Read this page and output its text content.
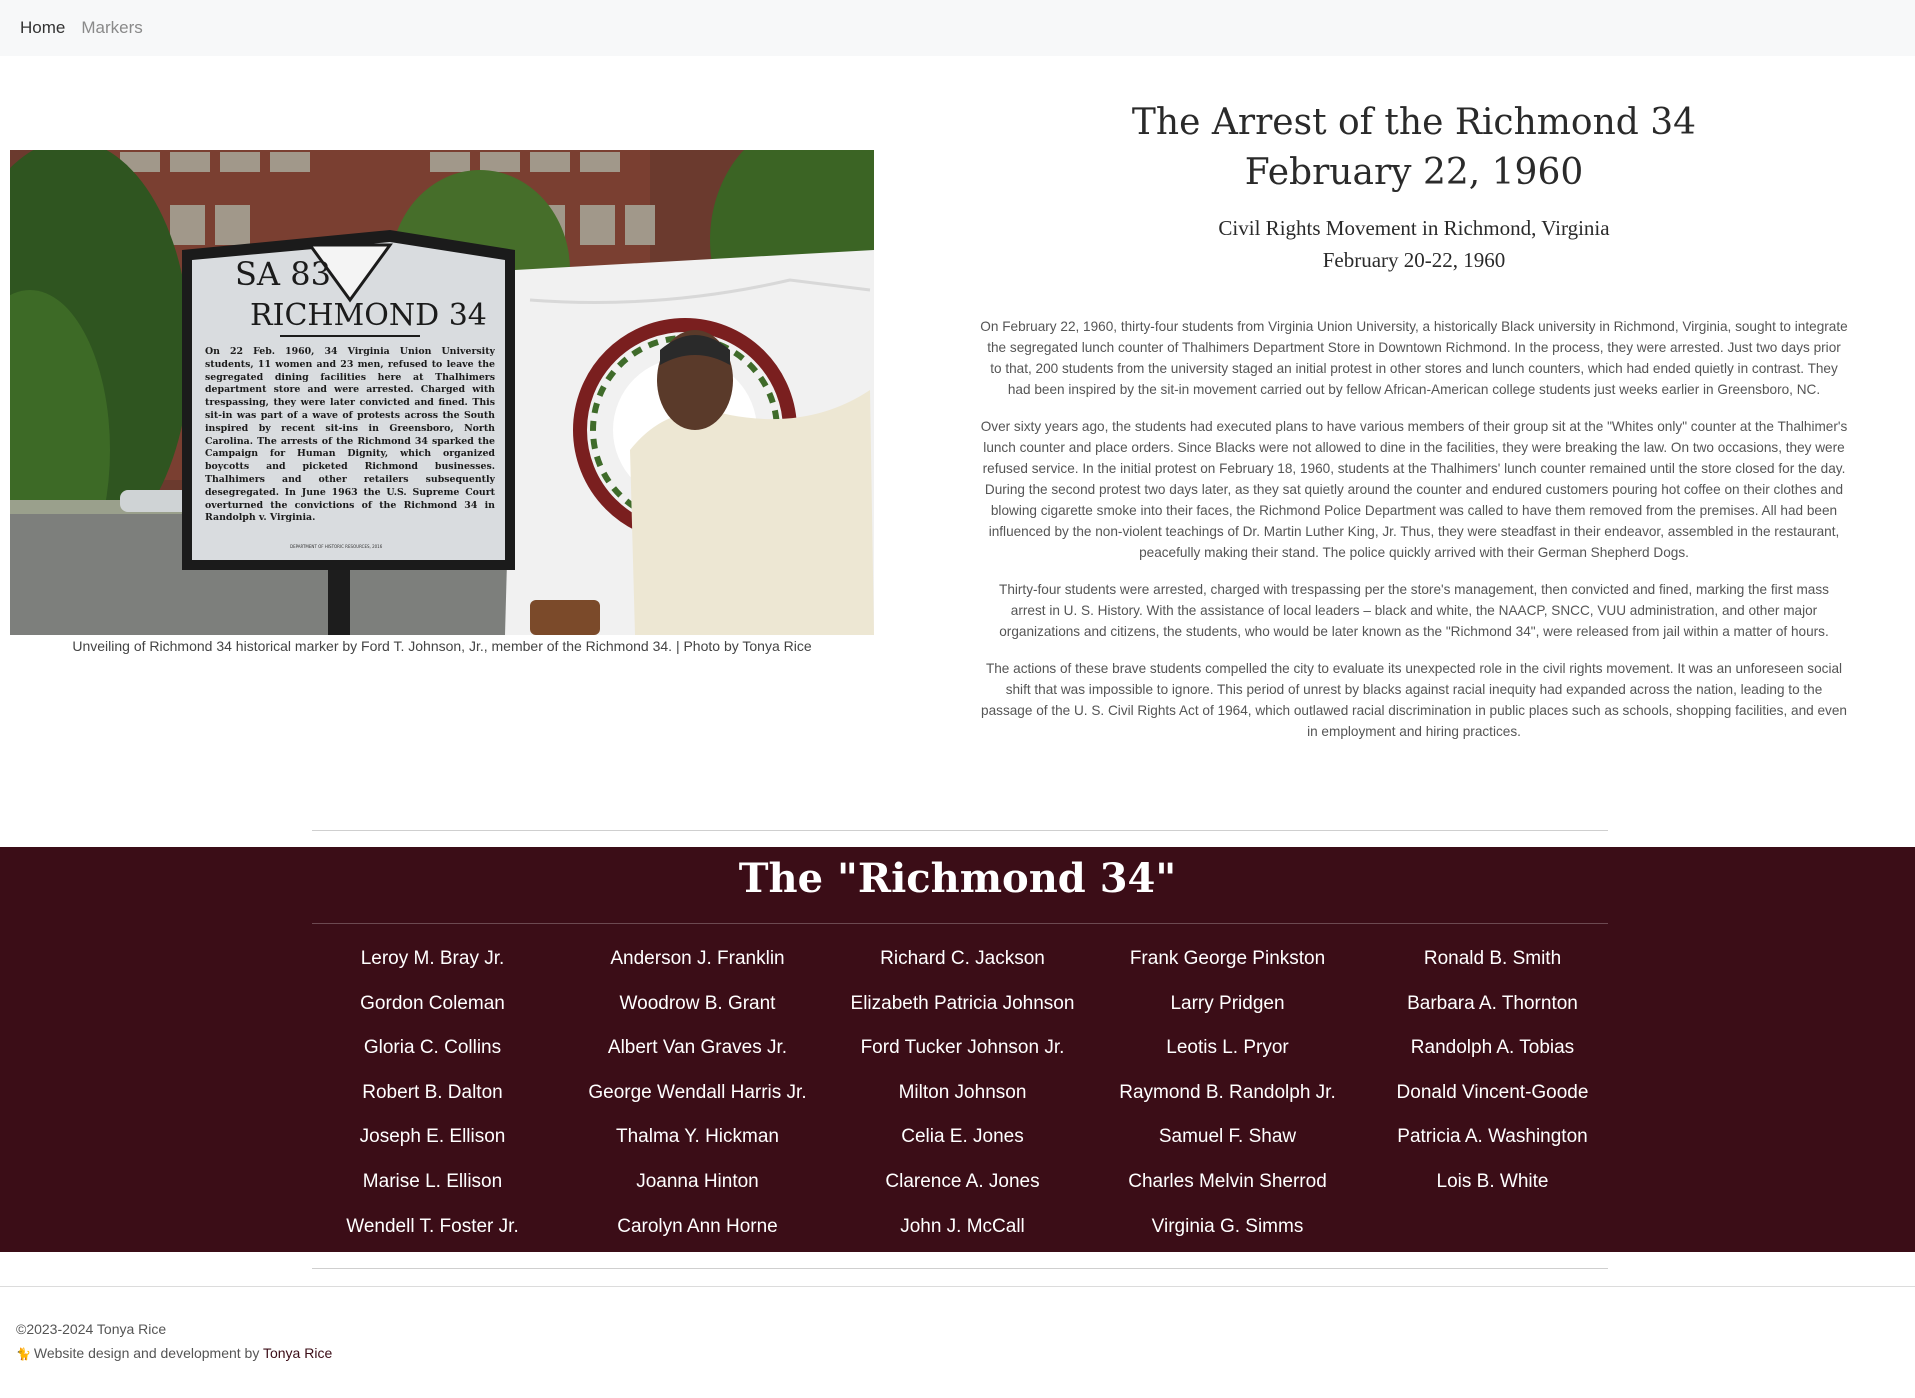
Home Markers
SA 83
RICHMOND 34
On 22 Feb. 1960, 34 Virginia Union University students, 11 women and 23 men, refused to leave the segregated dining facilities here at Thalhimers department store and were arrested. Charged with trespassing, they were later convicted and fined. This sit-in was part of a wave of protests across the South inspired by recent sit-ins in Greensboro, North Carolina. The arrests of the Richmond 34 sparked the Campaign for Human Dignity, which organized boycotts and picketed Richmond businesses. Thalhimers and other retailers subsequently desegregated. In June 1963 the U.S. Supreme Court overturned the convictions of the Richmond 34 in Randolph v. Virginia.
DEPARTMENT OF HISTORIC RESOURCES, 2016
Unveiling of Richmond 34 historical marker by Ford T. Johnson, Jr., member of the Richmond 34. | Photo by Tonya Rice
The Arrest of the Richmond 34
February 22, 1960
Civil Rights Movement in Richmond, Virginia
February 20-22, 1960

On February 22, 1960, thirty-four students from Virginia Union University, a historically Black university in Richmond, Virginia, sought to integrate the segregated lunch counter of Thalhimers Department Store in Downtown Richmond. In the process, they were arrested. Just two days prior to that, 200 students from the university staged an initial protest in other stores and lunch counters, which had ended quietly in contrast. They had been inspired by the sit-in movement carried out by fellow African-American college students just weeks earlier in Greensboro, NC.

Over sixty years ago, the students had executed plans to have various members of their group sit at the "Whites only" counter at the Thalhimer's lunch counter and place orders. Since Blacks were not allowed to dine in the facilities, they were breaking the law. On two occasions, they were refused service. In the initial protest on February 18, 1960, students at the Thalhimers' lunch counter remained until the store closed for the day. During the second protest two days later, as they sat quietly around the counter and endured customers pouring hot coffee on their clothes and blowing cigarette smoke into their faces, the Richmond Police Department was called to have them removed from the premises. All had been influenced by the non-violent teachings of Dr. Martin Luther King, Jr. Thus, they were steadfast in their endeavor, assembled in the restaurant, peacefully making their stand. The police quickly arrived with their German Shepherd Dogs.

Thirty-four students were arrested, charged with trespassing per the store's management, then convicted and fined, marking the first mass arrest in U. S. History. With the assistance of local leaders – black and white, the NAACP, SNCC, VUU administration, and other major organizations and citizens, the students, who would be later known as the "Richmond 34", were released from jail within a matter of hours.

The actions of these brave students compelled the city to evaluate its unexpected role in the civil rights movement. It was an unforeseen social shift that was impossible to ignore. This period of unrest by blacks against racial inequity had expanded across the nation, leading to the passage of the U. S. Civil Rights Act of 1964, which outlawed racial discrimination in public places such as schools, shopping facilities, and even in employment and hiring practices.

The "Richmond 34"
Leroy M. Bray Jr.	Anderson J. Franklin	Richard C. Jackson	Frank George Pinkston	Ronald B. Smith
Gordon Coleman	Woodrow B. Grant	Elizabeth Patricia Johnson	Larry Pridgen	Barbara A. Thornton
Gloria C. Collins	Albert Van Graves Jr.	Ford Tucker Johnson Jr.	Leotis L. Pryor	Randolph A. Tobias
Robert B. Dalton	George Wendall Harris Jr.	Milton Johnson	Raymond B. Randolph Jr.	Donald Vincent-Goode
Joseph E. Ellison	Thalma Y. Hickman	Celia E. Jones	Samuel F. Shaw	Patricia A. Washington
Marise L. Ellison	Joanna Hinton	Clarence A. Jones	Charles Melvin Sherrod	Lois B. White
Wendell T. Foster Jr.	Carolyn Ann Horne	John J. McCall	Virginia G. Simms
©2023-2024 Tonya Rice
🐈 Website design and development by Tonya Rice
